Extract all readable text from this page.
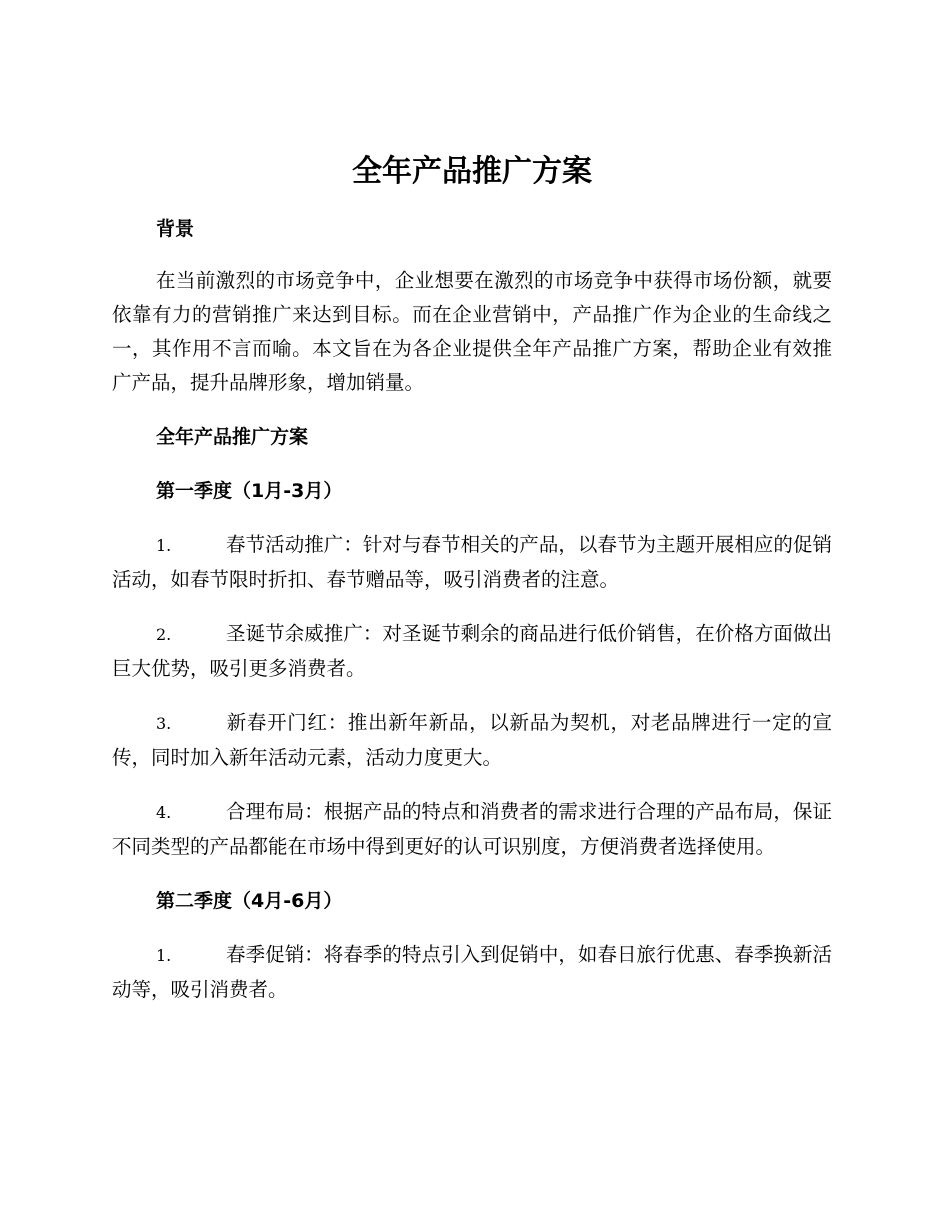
全年产品推广方案
背景

在当前激烈的市场竞争中，企业想要在激烈的市场竞争中获得市场份额，就要依靠有力的营销推广来达到目标。而在企业营销中，产品推广作为企业的生命线之一，其作用不言而喻。本文旨在为各企业提供全年产品推广方案，帮助企业有效推广产品，提升品牌形象，增加销量。

全年产品推广方案
第一季度（1月-3月）

1.	春节活动推广：针对与春节相关的产品，以春节为主题开展相应的促销活动，如春节限时折扣、春节赠品等，吸引消费者的注意。

2.	圣诞节余威推广：对圣诞节剩余的商品进行低价销售，在价格方面做出巨大优势，吸引更多消费者。

3.	新春开门红：推出新年新品，以新品为契机，对老品牌进行一定的宣传，同时加入新年活动元素，活动力度更大。

4.	合理布局：根据产品的特点和消费者的需求进行合理的产品布局，保证不同类型的产品都能在市场中得到更好的认可识别度，方便消费者选择使用。

第二季度（4月-6月）

1.	春季促销：将春季的特点引入到促销中，如春日旅行优惠、春季换新活动等，吸引消费者。
